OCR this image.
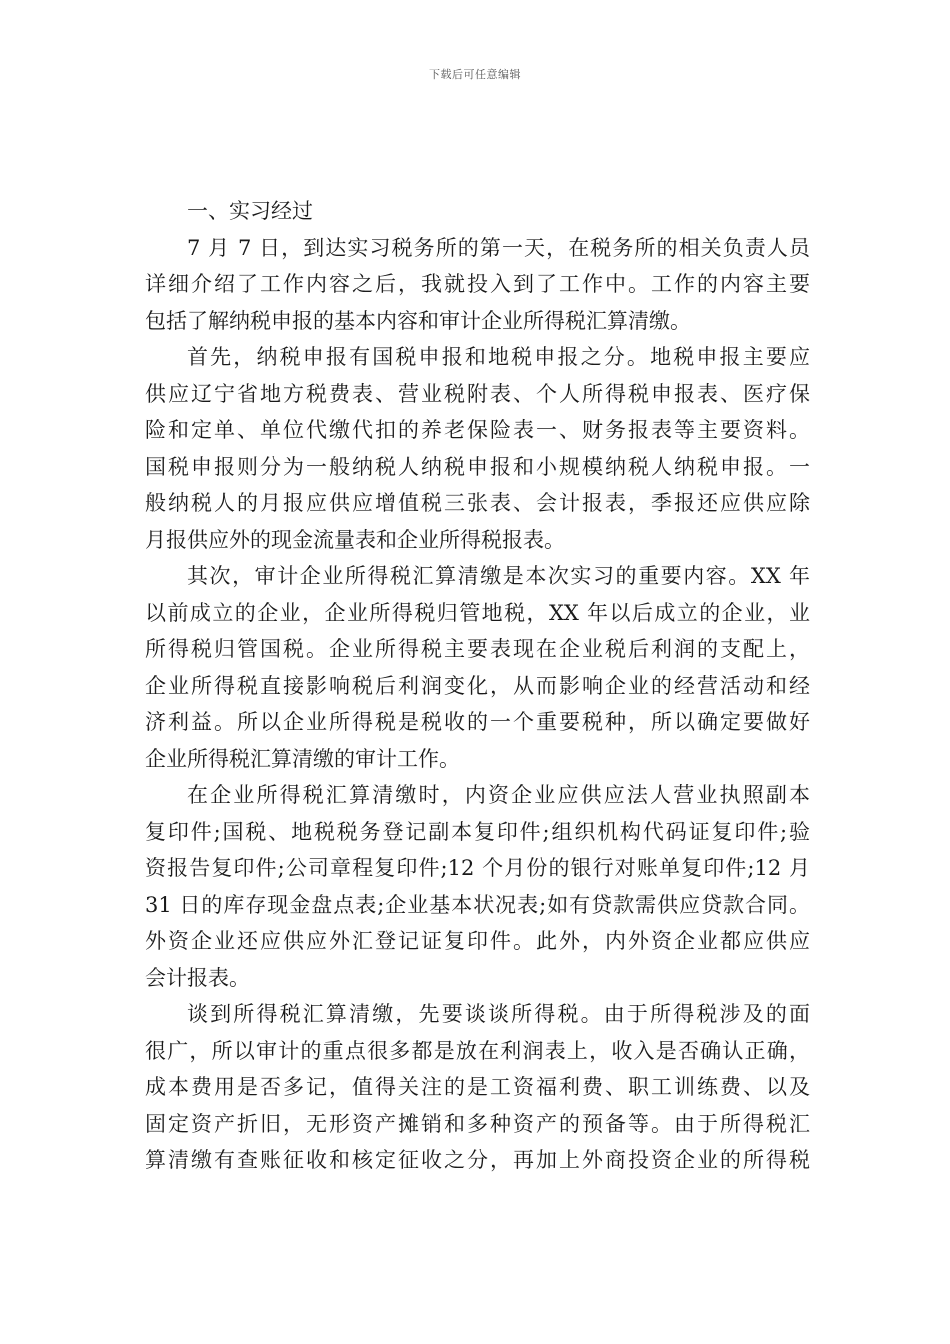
下载后可任意编辑
一、实习经过
7 月 7 日，到达实习税务所的第一天，在税务所的相关负责人员
详细介绍了工作内容之后，我就投入到了工作中。工作的内容主要
包括了解纳税申报的基本内容和审计企业所得税汇算清缴。
首先，纳税申报有国税申报和地税申报之分。地税申报主要应
供应辽宁省地方税费表、营业税附表、个人所得税申报表、医疗保
险和定单、单位代缴代扣的养老保险表一、财务报表等主要资料。
国税申报则分为一般纳税人纳税申报和小规模纳税人纳税申报。一
般纳税人的月报应供应增值税三张表、会计报表，季报还应供应除
月报供应外的现金流量表和企业所得税报表。
其次，审计企业所得税汇算清缴是本次实习的重要内容。XX 年
以前成立的企业，企业所得税归管地税，XX 年以后成立的企业，业
所得税归管国税。企业所得税主要表现在企业税后利润的支配上，
企业所得税直接影响税后利润变化，从而影响企业的经营活动和经
济利益。所以企业所得税是税收的一个重要税种，所以确定要做好
企业所得税汇算清缴的审计工作。
在企业所得税汇算清缴时，内资企业应供应法人营业执照副本
复印件;国税、地税税务登记副本复印件;组织机构代码证复印件;验
资报告复印件;公司章程复印件;12 个月份的银行对账单复印件;12 月
31 日的库存现金盘点表;企业基本状况表;如有贷款需供应贷款合同。
外资企业还应供应外汇登记证复印件。此外，内外资企业都应供应
会计报表。
谈到所得税汇算清缴，先要谈谈所得税。由于所得税涉及的面
很广，所以审计的重点很多都是放在利润表上，收入是否确认正确，
成本费用是否多记，值得关注的是工资福利费、职工训练费、以及
固定资产折旧，无形资产摊销和多种资产的预备等。由于所得税汇
算清缴有查账征收和核定征收之分，再加上外商投资企业的所得税
